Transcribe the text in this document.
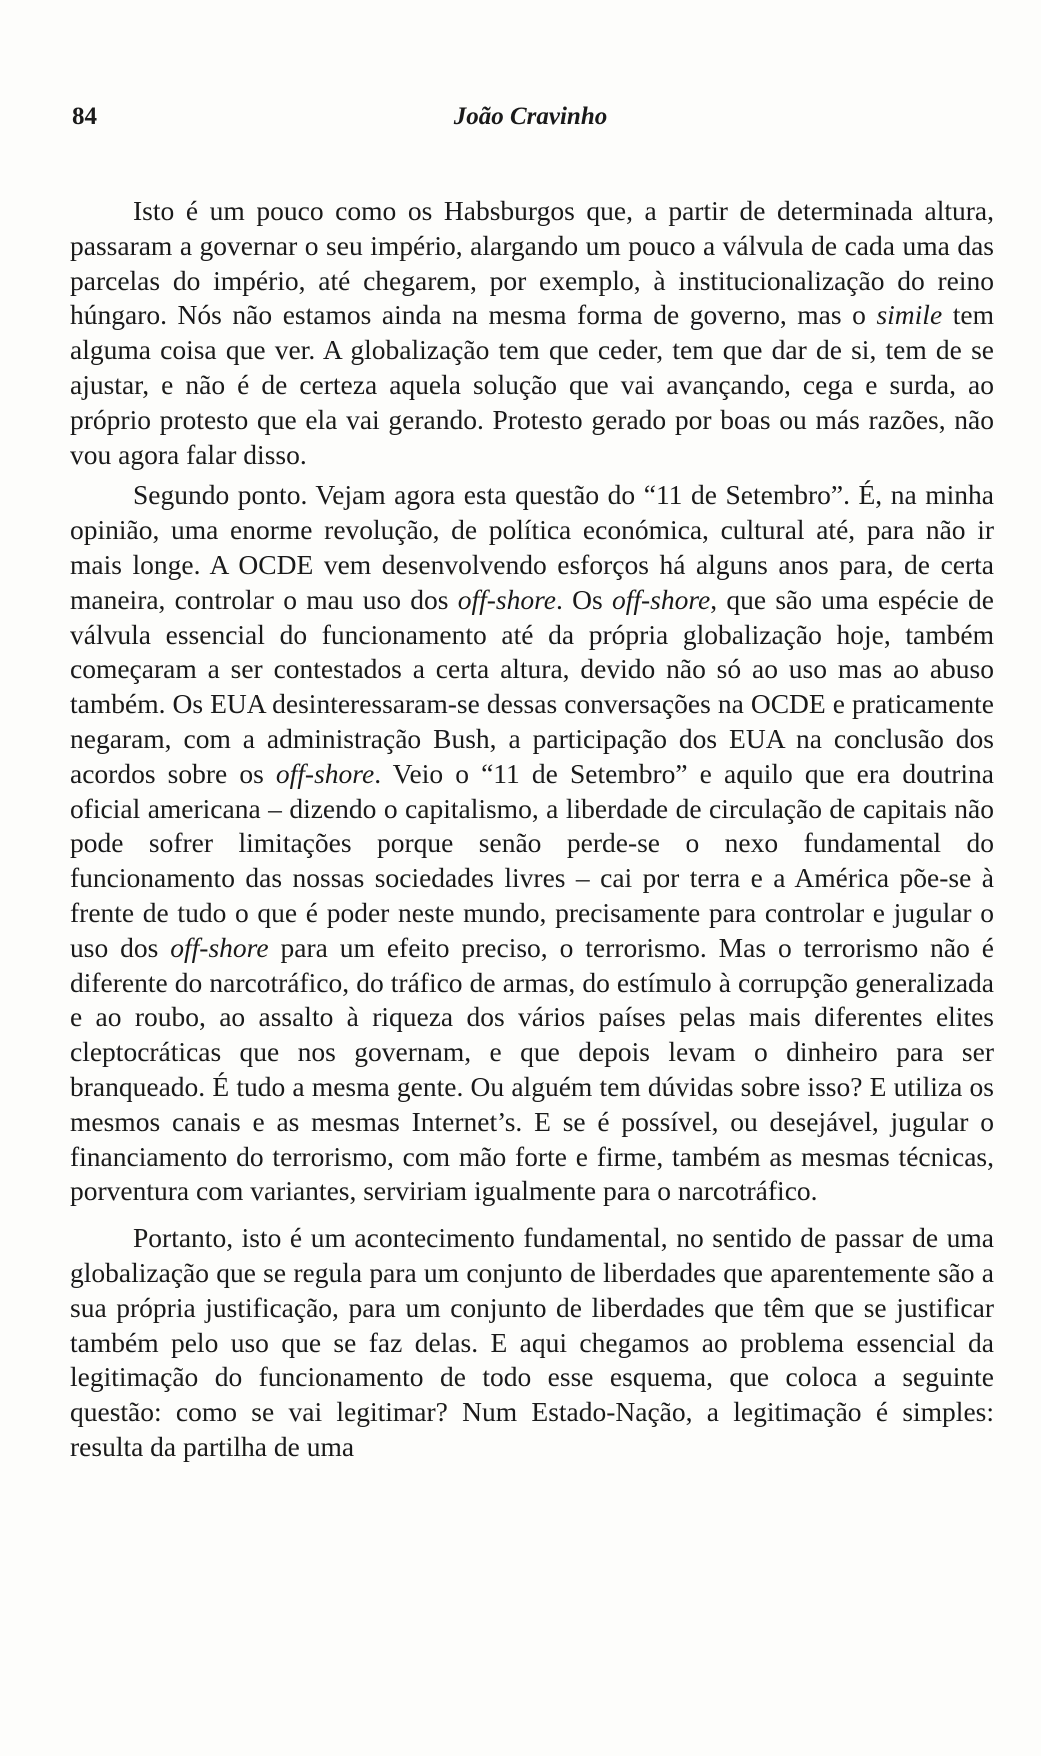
84	João Cravinho

Isto é um pouco como os Habsburgos que, a partir de determinada altura, passaram a governar o seu império, alargando um pouco a válvula de cada uma das parcelas do império, até chegarem, por exemplo, à institucionalização do reino húngaro. Nós não estamos ainda na mesma forma de governo, mas o simile tem alguma coisa que ver. A globalização tem que ceder, tem que dar de si, tem de se ajustar, e não é de certeza aquela solução que vai avançando, cega e surda, ao próprio protesto que ela vai gerando. Protesto gerado por boas ou más razões, não vou agora falar disso.

Segundo ponto. Vejam agora esta questão do “11 de Setembro”. É, na minha opinião, uma enorme revolução, de política económica, cultural até, para não ir mais longe. A OCDE vem desenvolvendo esforços há alguns anos para, de certa maneira, controlar o mau uso dos off-shore. Os off-shore, que são uma espécie de válvula essencial do funcionamento até da própria globalização hoje, também começaram a ser contestados a certa altura, devido não só ao uso mas ao abuso também. Os EUA desinteressaram-se dessas conversações na OCDE e praticamente negaram, com a administração Bush, a participação dos EUA na conclusão dos acordos sobre os off-shore. Veio o “11 de Setembro” e aquilo que era doutrina oficial americana – dizendo o capitalismo, a liberdade de circulação de capitais não pode sofrer limitações porque senão perde-se o nexo fundamental do funcionamento das nossas sociedades livres – cai por terra e a América põe-se à frente de tudo o que é poder neste mundo, precisamente para controlar e jugular o uso dos off-shore para um efeito preciso, o terrorismo. Mas o terrorismo não é diferente do narcotráfico, do tráfico de armas, do estímulo à corrupção generalizada e ao roubo, ao assalto à riqueza dos vários países pelas mais diferentes elites cleptocráticas que nos governam, e que depois levam o dinheiro para ser branqueado. É tudo a mesma gente. Ou alguém tem dúvidas sobre isso? E utiliza os mesmos canais e as mesmas Internet’s. E se é possível, ou desejável, jugular o financiamento do terrorismo, com mão forte e firme, também as mesmas técnicas, porventura com variantes, serviriam igualmente para o narcotráfico.

Portanto, isto é um acontecimento fundamental, no sentido de passar de uma globalização que se regula para um conjunto de liberdades que aparentemente são a sua própria justificação, para um conjunto de liberdades que têm que se justificar também pelo uso que se faz delas. E aqui chegamos ao problema essencial da legitimação do funcionamento de todo esse esquema, que coloca a seguinte questão: como se vai legitimar? Num Estado-Nação, a legitimação é simples: resulta da partilha de uma
